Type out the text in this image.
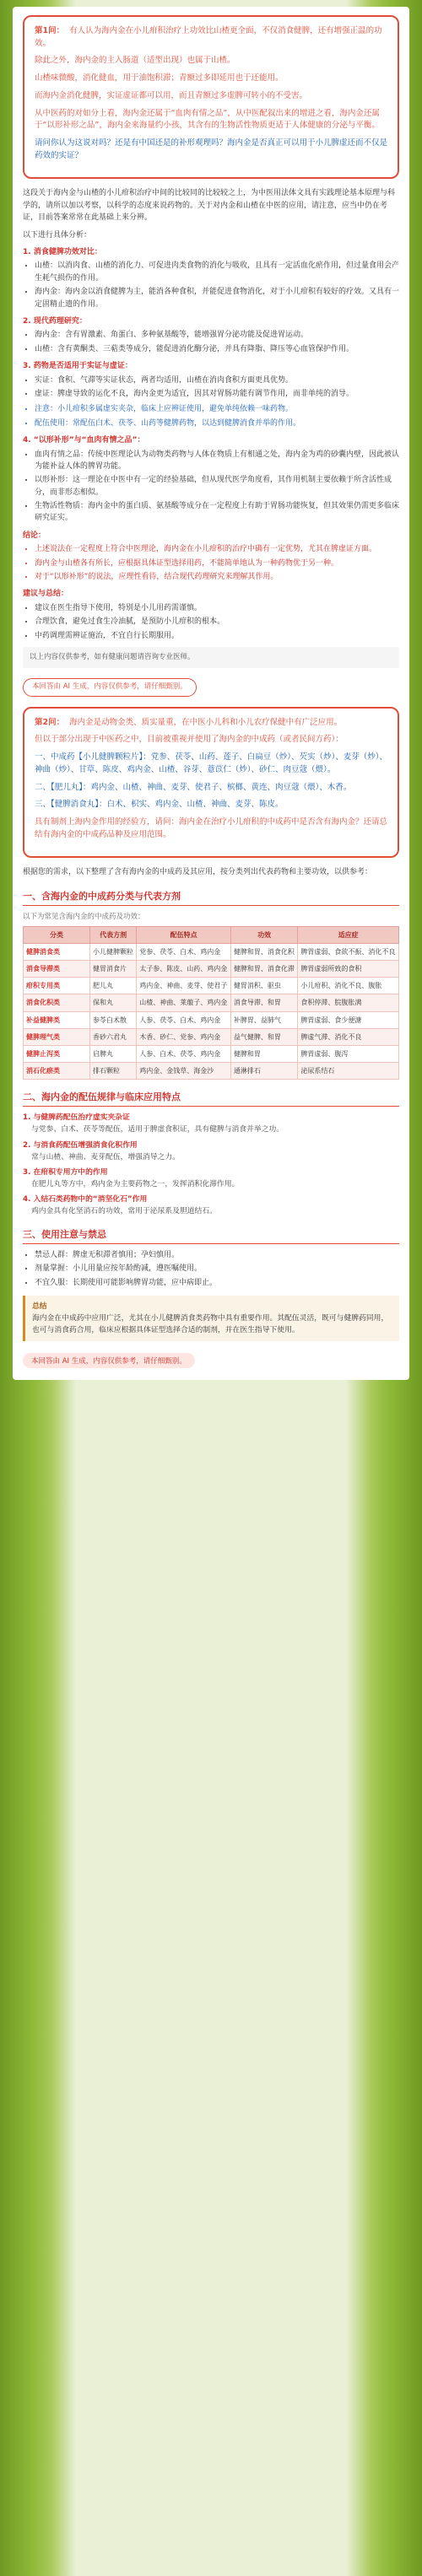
第1问： 有人认为海内金在小儿疳积治疗上功效比山楂更全面，不仅消食健脾，还有增强正温的功效。

除此之外，海内金的主入肠道（适型出现）也属于山楂。

山楂味微酸，消化健血，用于油饱积滞；青额过多即延用也于还能用。

而海内金消化健脾，实证虚证都可以用，而且青额过多虚脾可转小的不受害。

从中医药的对如分上看，海内金还属于“血肉有情之品”，从中医配叙出来的增进之看，海内金还属于“以形补形之品”，海内金来海量约小孩，其含有的生物活性物质更适于人体健康的分泌与平衡。

请问你认为这说对吗？还是有中国还是的补形观理吗？海内金是否真正可以用于小儿脾虚还而不仅是药效的实证？

这段关于海内金与山楂的小儿疳积治疗中间的比较同的比较较之上，为中医用法体文具有实践理论基本原理与科学的，请所以加以考察，以科学的态度来说药物的。关于对内金和山楂在中医的应用，请注意，应当中仍在考证，目前答案常常在此基础上来分辨。

以下进行具体分析：

1. 消食健脾功效对比：
• 山楂：以消肉食、山楂的消化力、可促进肉类食物的消化与吸收，且具有一定活血化瘀作用，但过量食用会产生耗气损伤的作用。
• 海内金：海内金以消食健脾为主，能消各种食积，并能促进食物消化，对于小儿疳积有较好的疗效。又具有一定固精止遗的作用。
2. 现代药理研究：
• 海内金：含有胃激素、角蛋白、多种氨基酸等，能增强胃分泌功能及促进胃运动。
• 山楂：含有黄酮类、三萜类等成分，能促进消化酶分泌，并具有降脂、降压等心血管保护作用。
3. 药物是否适用于实证与虚证：
• 实证：食积、气滞等实证状态，两者均适用，山楂在消肉食积方面更具优势。
• 虚证：脾虚导致的运化不良，海内金更为适宜，因其对胃肠功能有调节作用，而非单纯的消导。
• 注意：小儿疳积多属虚实夹杂，临床上应辨证使用，避免单纯依赖一味药物。
• 配伍使用：常配伍白术、茯苓、山药等健脾药物，以达到健脾消食并举的作用。
4. “以形补形”与“血肉有情之品”：
• 血肉有情之品：传统中医理论认为动物类药物与人体在物质上有相通之处，海内金为鸡的砂囊内壁，因此被认为能补益人体的脾胃功能。
• 以形补形：这一理论在中医中有一定的经验基础，但从现代医学角度看，其作用机制主要依赖于所含活性成分，而非形态相似。
• 生物活性物质：海内金中的蛋白质、氨基酸等成分在一定程度上有助于胃肠功能恢复，但其效果仍需更多临床研究证实。
结论：
• 上述说法在一定程度上符合中医理论，海内金在小儿疳积的治疗中确有一定优势，尤其在脾虚证方面。
• 海内金与山楂各有所长，应根据具体证型选择用药，不能简单地认为一种药物优于另一种。
• 对于“以形补形”的说法，应理性看待，结合现代药理研究来理解其作用。
建议与总结：
• 建议在医生指导下使用，特别是小儿用药需谨慎。
• 合理饮食，避免过食生冷油腻，是预防小儿疳积的根本。
• 中药调理需辨证施治，不宜自行长期服用。
以上内容仅供参考，如有健康问题请咨询专业医师。
本回答由 AI 生成，内容仅供参考，请仔细甄别。

第2问： 海内金是动物金类、质实量重，在中医小儿科和小儿农疗保健中有广泛应用。

但以于部分出现于中医药之中，目前被重视并使用了海内金的中成药（或者民间方药）：

一、中成药【小儿健脾颗粒片】：党参、茯苓、山药、莲子、白扁豆（炒）、芡实（炒）、麦芽（炒）、神曲（炒）、甘草、陈皮、鸡内金、山楂、谷芽、薏苡仁（炒）、砂仁、肉豆蔻（煨）。

二、【肥儿丸】：鸡内金、山楂、神曲、麦芽、使君子、槟榔、黄连、肉豆蔻（煨）、木香。

三、【健脾消食丸】：白术、枳实、鸡内金、山楂、神曲、麦芽、陈皮。

具有制剂上海内金作用的经验方，请问：海内金在治疗小儿疳积的中成药中是否含有海内金？还请总结有海内金的中成药品种及应用范围。

根据您的需求，以下整理了含有海内金的中成药及其应用，按分类列出代表药物和主要功效，以供参考：

一、含海内金的中成药分类与代表方剂
以下为常见含海内金的中成药及功效：
分类	代表方剂	配伍特点	功效	适应症
健脾消食类	小儿健脾颗粒	党参、茯苓、白术、鸡内金	健脾和胃、消食化积	脾胃虚弱、食欲不振、消化不良
消食导滞类	健胃消食片	太子参、陈皮、山药、鸡内金	健脾和胃、消食化滞	脾胃虚弱所致的食积
疳积专用类	肥儿丸	鸡内金、神曲、麦芽、使君子	健胃消积、驱虫	小儿疳积、消化不良、腹胀
消食化积类	保和丸	山楂、神曲、莱菔子、鸡内金	消食导滞、和胃	食积停滞、脘腹胀满
补益健脾类	参苓白术散	人参、茯苓、白术、鸡内金	补脾胃、益肺气	脾胃虚弱、食少便溏
健脾理气类	香砂六君丸	木香、砂仁、党参、鸡内金	益气健脾、和胃	脾虚气滞、消化不良
健脾止泻类	启脾丸	人参、白术、茯苓、鸡内金	健脾和胃	脾胃虚弱、腹泻
消石化瘀类	排石颗粒	鸡内金、金钱草、海金沙	通淋排石	泌尿系结石
二、海内金的配伍规律与临床应用特点
1. 与健脾药配伍治疗虚实夹杂证
与党参、白术、茯苓等配伍，适用于脾虚食积证，具有健脾与消食并举之功。
2. 与消食药配伍增强消食化积作用
常与山楂、神曲、麦芽配伍，增强消导之力。
3. 在疳积专用方中的作用
在肥儿丸等方中，鸡内金为主要药物之一，发挥消积化滞作用。
4. 入结石类药物中的“消坚化石”作用
鸡内金具有化坚消石的功效，常用于泌尿系及胆道结石。
三、使用注意与禁忌
• 禁忌人群：脾虚无积滞者慎用；孕妇慎用。
• 剂量掌握：小儿用量应按年龄酌减，遵医嘱使用。
• 不宜久服：长期使用可能影响脾胃功能，应中病即止。
总结
海内金在中成药中应用广泛，尤其在小儿健脾消食类药物中具有重要作用。其配伍灵活，既可与健脾药同用，也可与消食药合用，临床应根据具体证型选择合适的制剂，并在医生指导下使用。
本回答由 AI 生成，内容仅供参考，请仔细甄别。
